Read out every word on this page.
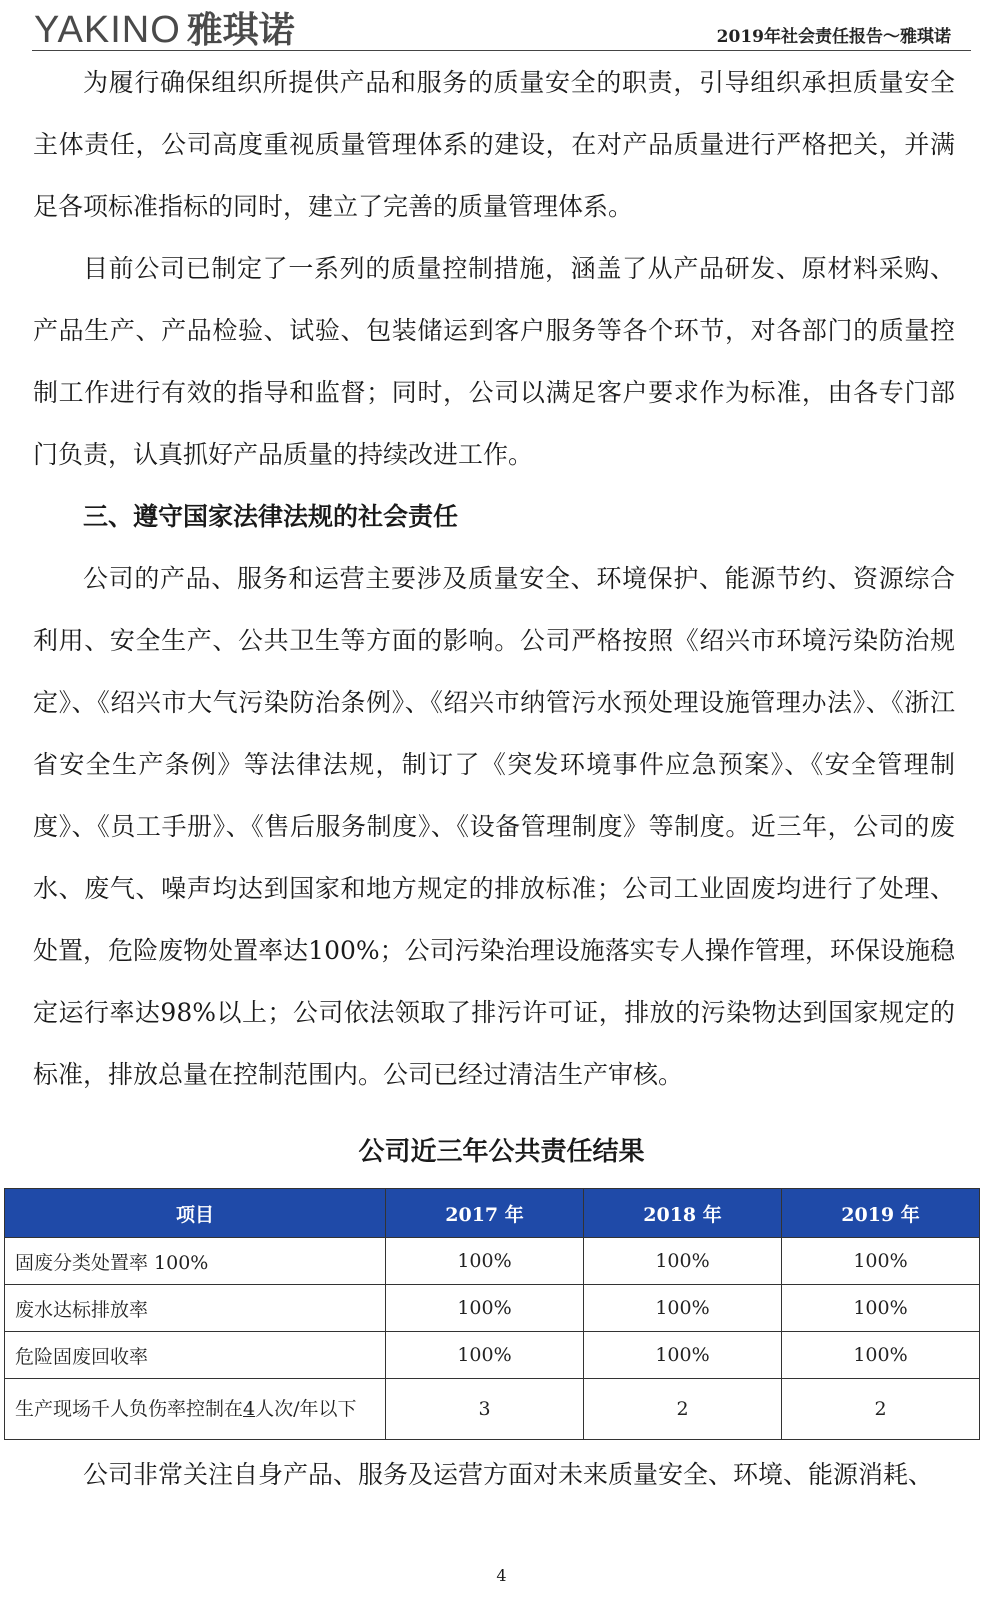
YAKINO 雅琪诺	2019年社会责任报告～雅琪诺

为履行确保组织所提供产品和服务的质量安全的职责，引导组织承担质量安全主体责任，公司高度重视质量管理体系的建设，在对产品质量进行严格把关，并满足各项标准指标的同时，建立了完善的质量管理体系。

目前公司已制定了一系列的质量控制措施，涵盖了从产品研发、原材料采购、产品生产、产品检验、试验、包装储运到客户服务等各个环节，对各部门的质量控制工作进行有效的指导和监督；同时，公司以满足客户要求作为标准，由各专门部门负责，认真抓好产品质量的持续改进工作。

三、遵守国家法律法规的社会责任

公司的产品、服务和运营主要涉及质量安全、环境保护、能源节约、资源综合利用、安全生产、公共卫生等方面的影响。公司严格按照《绍兴市环境污染防治规定》、《绍兴市大气污染防治条例》、《绍兴市纳管污水预处理设施管理办法》、《浙江省安全生产条例》等法律法规，制订了《突发环境事件应急预案》、《安全管理制度》、《员工手册》、《售后服务制度》、《设备管理制度》等制度。近三年，公司的废水、废气、噪声均达到国家和地方规定的排放标准；公司工业固废均进行了处理、处置，危险废物处置率达100%；公司污染治理设施落实专人操作管理，环保设施稳定运行率达98%以上；公司依法领取了排污许可证，排放的污染物达到国家规定的标准，排放总量在控制范围内。公司已经过清洁生产审核。

公司近三年公共责任结果
项目	2017 年	2018 年	2019 年
固废分类处置率 100%	100%	100%	100%
废水达标排放率	100%	100%	100%
危险固废回收率	100%	100%	100%
生产现场千人负伤率控制在4人次/年以下	3	2	2
公司非常关注自身产品、服务及运营方面对未来质量安全、环境、能源消耗、
4
